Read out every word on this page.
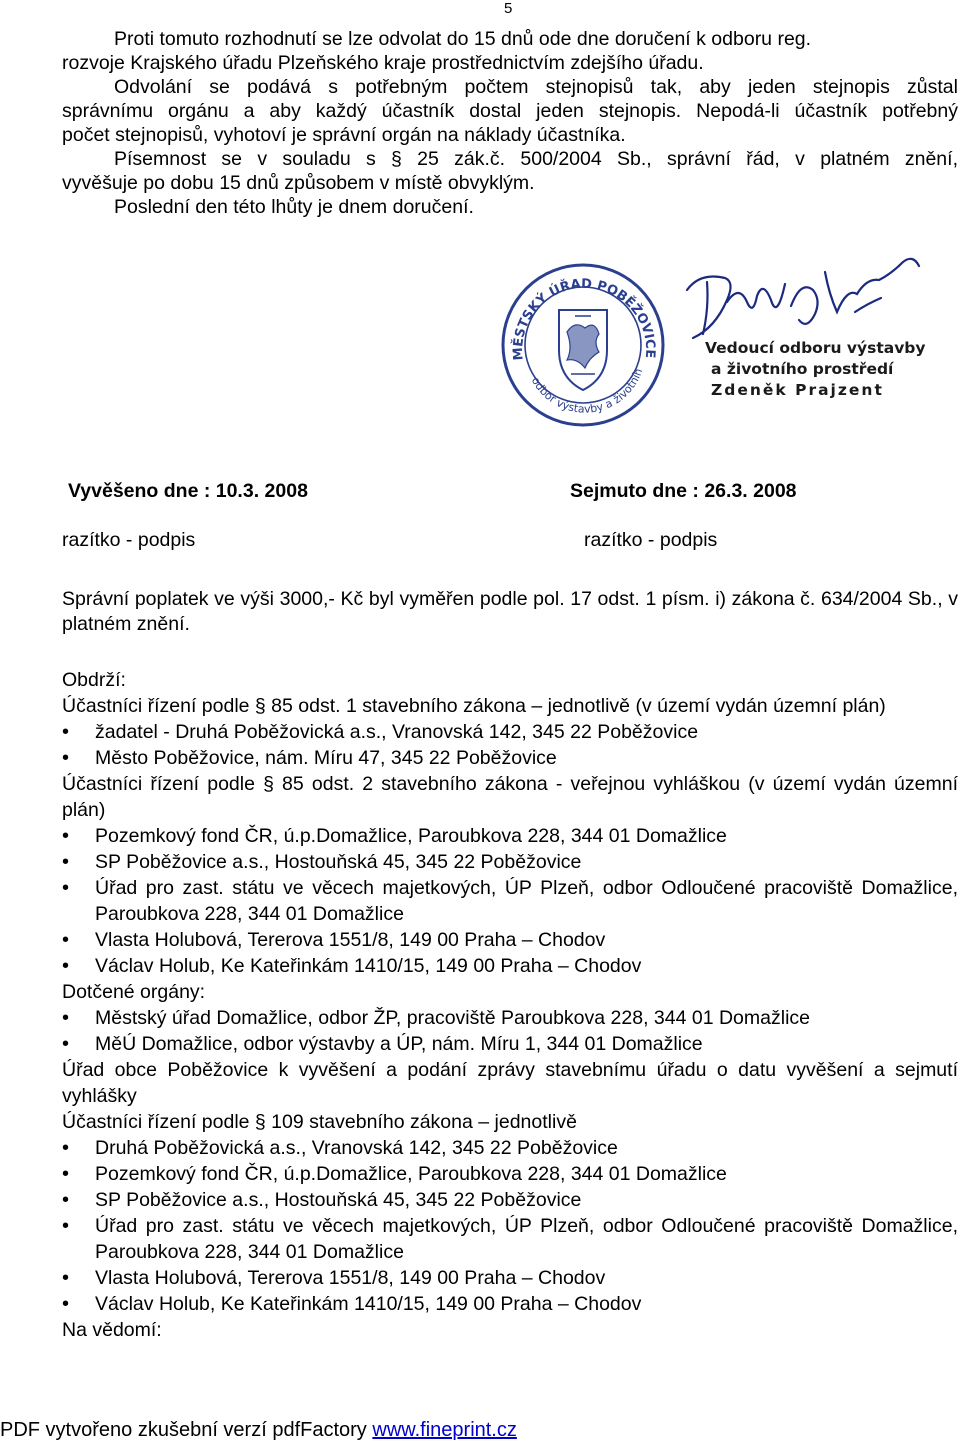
5
Proti tomuto rozhodnutí se lze odvolat do 15 dnů ode dne doručení k odboru reg.
rozvoje Krajského úřadu Plzeňského kraje prostřednictvím zdejšího úřadu.
Odvolání se podává s potřebným počtem stejnopisů tak, aby jeden stejnopis zůstal
správnímu orgánu a aby každý účastník dostal jeden stejnopis. Nepodá-li účastník potřebný
počet stejnopisů, vyhotoví je správní orgán na náklady účastníka.
Písemnost se v souladu s § 25 zák.č. 500/2004 Sb., správní řád, v platném znění,
vyvěšuje po dobu 15 dnů způsobem v místě obvyklým.
Poslední den této lhůty je dnem doručení.
MĚSTSKÝ ÚŘAD POBĚŽOVICE
odbor výstavby a životníh
Vedoucí odboru výstavby
a životního prostředí
Zdeněk Prajzent
Vyvěšeno dne : 10.3. 2008	Sejmuto dne : 26.3. 2008
razítko - podpis	razítko - podpis
Správní poplatek ve výši 3000,- Kč byl vyměřen podle pol. 17 odst. 1 písm. i) zákona č. 634/2004 Sb., v platném znění.

Obdrží:

Účastníci řízení podle § 85 odst. 1 stavebního zákona – jednotlivě (v území vydán územní plán)

• žadatel - Druhá Poběžovická a.s., Vranovská 142, 345 22 Poběžovice
• Město Poběžovice, nám. Míru 47, 345 22 Poběžovice

Účastníci řízení podle § 85 odst. 2 stavebního zákona - veřejnou vyhláškou (v území vydán územní plán)

• Pozemkový fond ČR, ú.p.Domažlice, Paroubkova 228, 344 01 Domažlice
• SP Poběžovice a.s., Hostouňská 45, 345 22 Poběžovice
• Úřad pro zast. státu ve věcech majetkových, ÚP Plzeň, odbor Odloučené pracoviště Domažlice, Paroubkova 228, 344 01 Domažlice
• Vlasta Holubová, Tererova 1551/8, 149 00 Praha – Chodov
• Václav Holub, Ke Kateřinkám 1410/15, 149 00 Praha – Chodov

Dotčené orgány:

• Městský úřad Domažlice, odbor ŽP, pracoviště Paroubkova 228, 344 01 Domažlice
• MěÚ Domažlice, odbor výstavby a ÚP, nám. Míru 1, 344 01 Domažlice

Úřad obce Poběžovice k vyvěšení a podání zprávy stavebnímu úřadu o datu vyvěšení a sejmutí vyhlášky

Účastníci řízení podle § 109 stavebního zákona – jednotlivě

• Druhá Poběžovická a.s., Vranovská 142, 345 22 Poběžovice
• Pozemkový fond ČR, ú.p.Domažlice, Paroubkova 228, 344 01 Domažlice
• SP Poběžovice a.s., Hostouňská 45, 345 22 Poběžovice
• Úřad pro zast. státu ve věcech majetkových, ÚP Plzeň, odbor Odloučené pracoviště Domažlice, Paroubkova 228, 344 01 Domažlice
• Vlasta Holubová, Tererova 1551/8, 149 00 Praha – Chodov
• Václav Holub, Ke Kateřinkám 1410/15, 149 00 Praha – Chodov

Na vědomí:

PDF vytvořeno zkušební verzí pdfFactory www.fineprint.cz
